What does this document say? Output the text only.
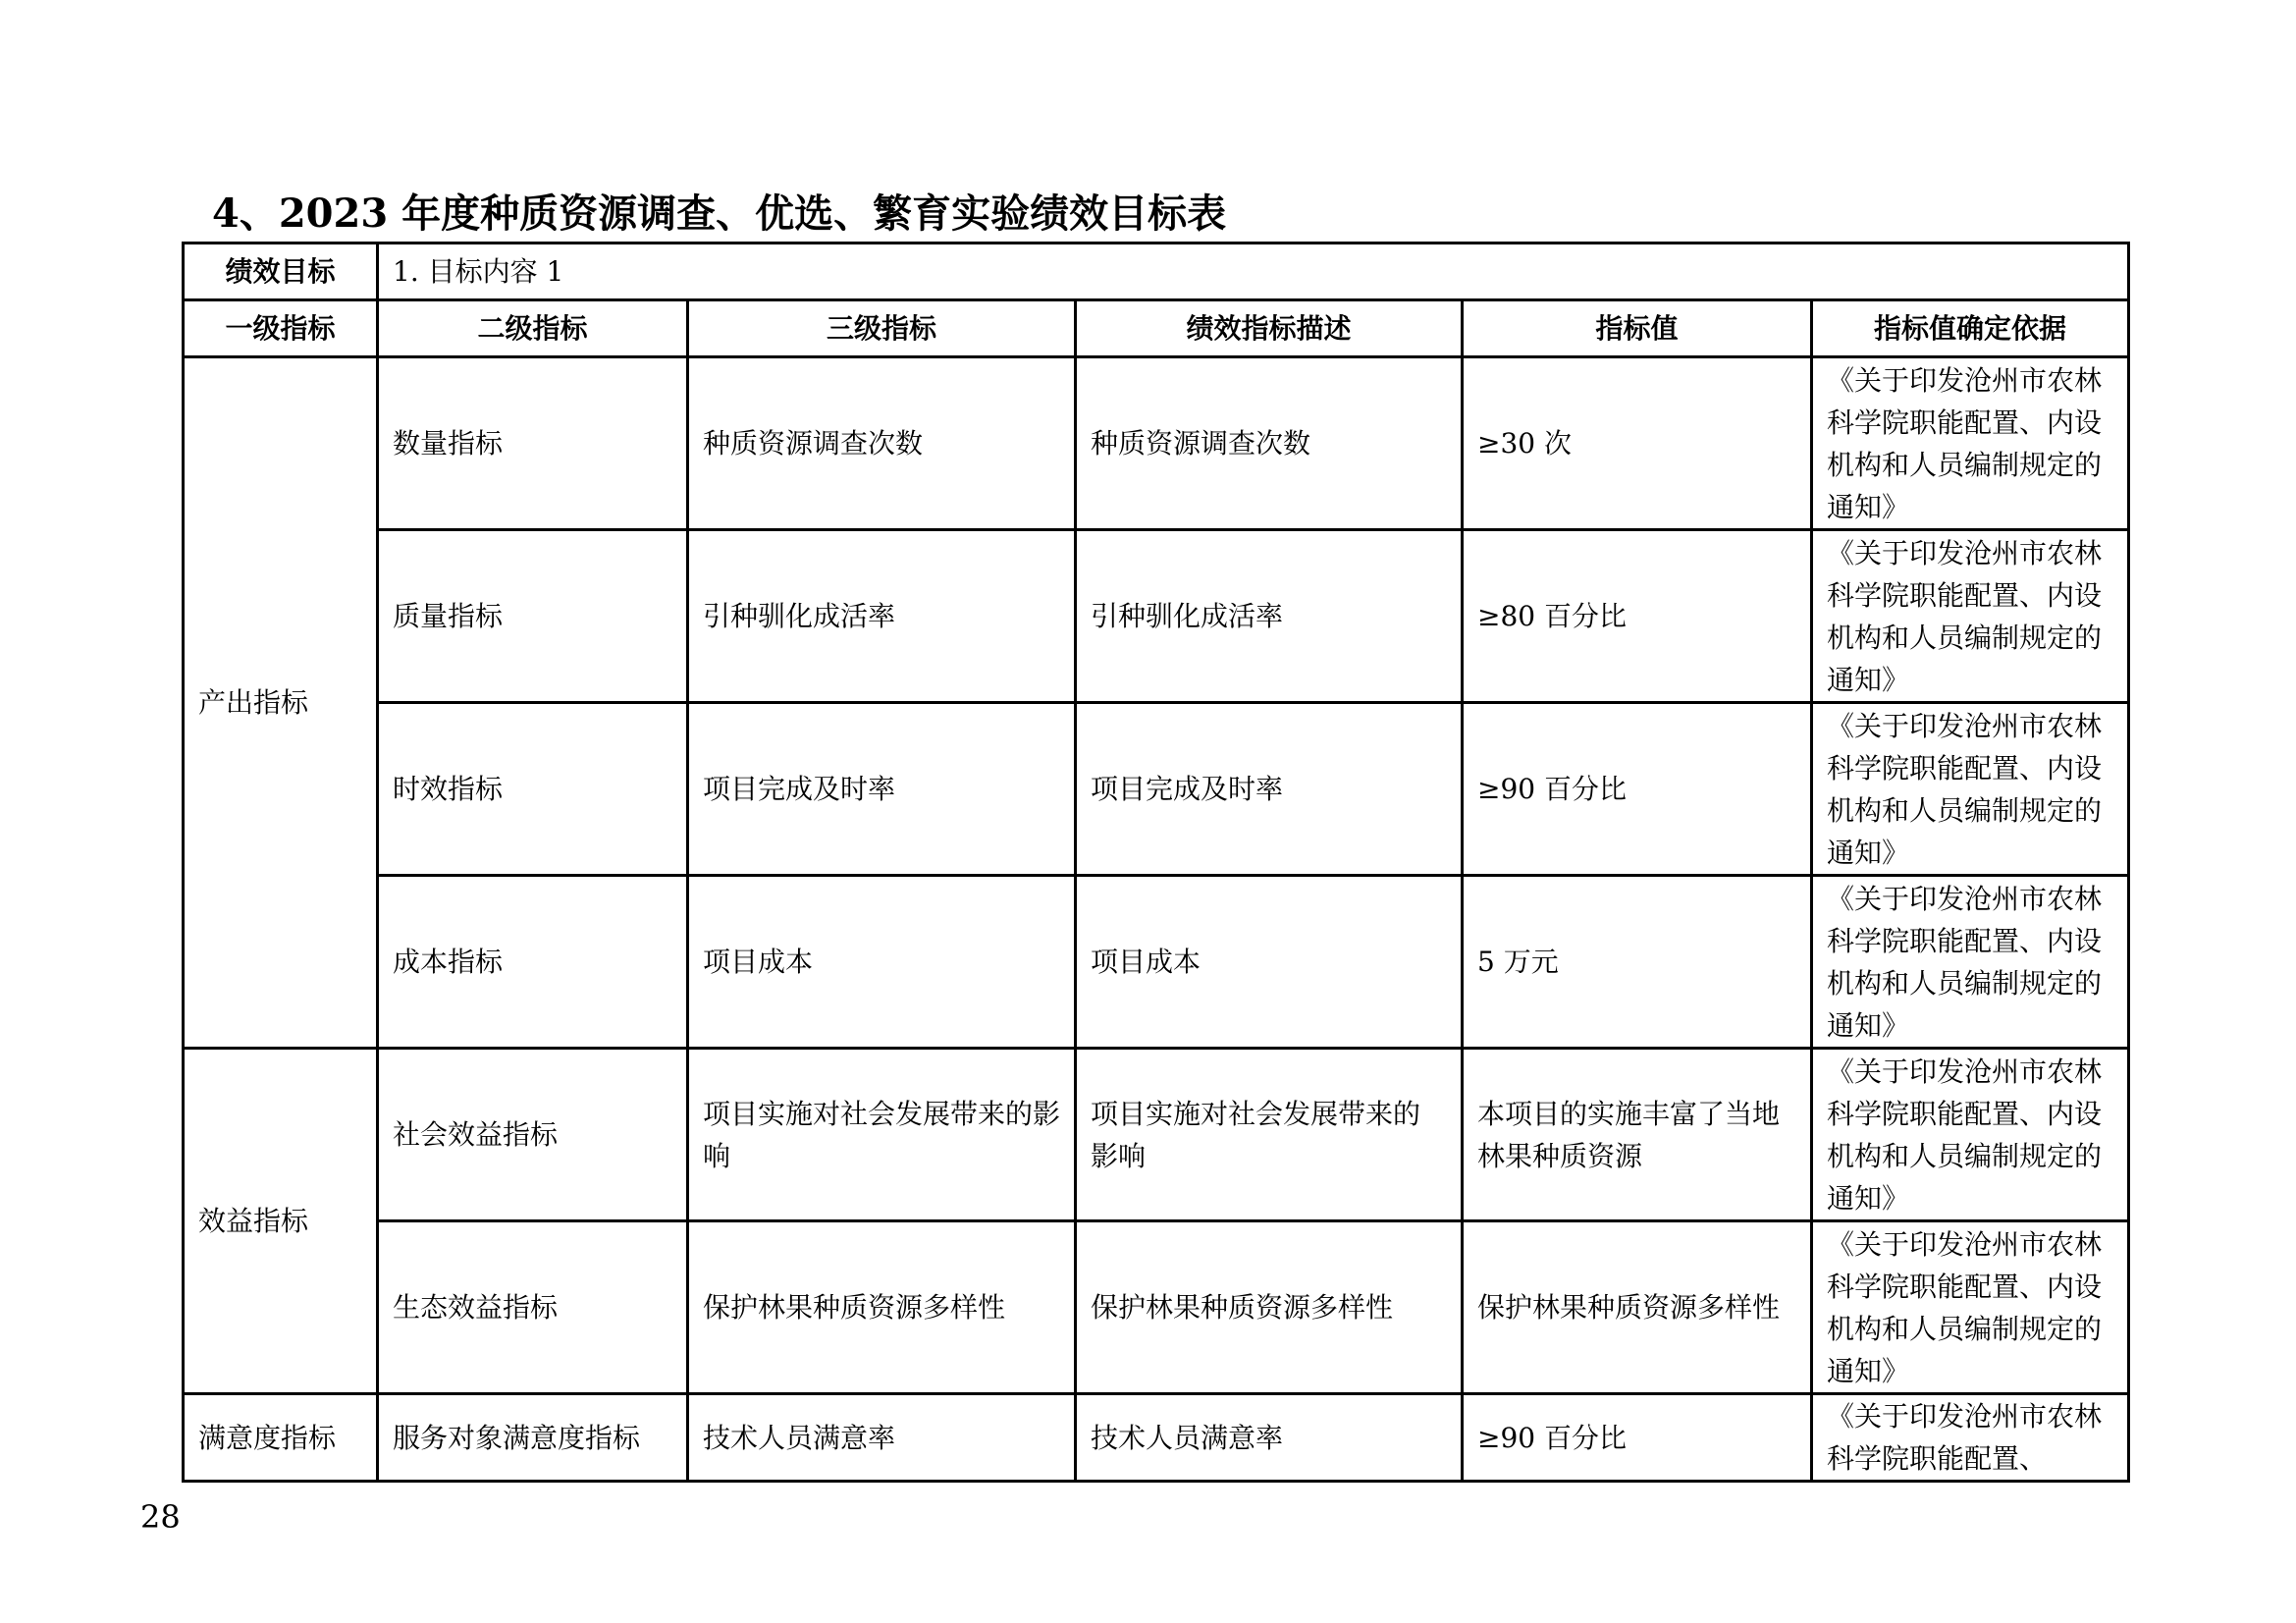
4、2023 年度种质资源调查、优选、繁育实验绩效目标表
绩效目标	1. 目标内容 1				
一级指标	二级指标	三级指标	绩效指标描述	指标值	指标值确定依据
产出指标	数量指标	种质资源调查次数	种质资源调查次数	≥30 次	《关于印发沧州市农林科学院职能配置、内设机构和人员编制规定的通知》
	质量指标	引种驯化成活率	引种驯化成活率	≥80 百分比	《关于印发沧州市农林科学院职能配置、内设机构和人员编制规定的通知》
	时效指标	项目完成及时率	项目完成及时率	≥90 百分比	《关于印发沧州市农林科学院职能配置、内设机构和人员编制规定的通知》
	成本指标	项目成本	项目成本	5 万元	《关于印发沧州市农林科学院职能配置、内设机构和人员编制规定的通知》
效益指标	社会效益指标	项目实施对社会发展带来的影响	项目实施对社会发展带来的影响	本项目的实施丰富了当地林果种质资源	《关于印发沧州市农林科学院职能配置、内设机构和人员编制规定的通知》
	生态效益指标	保护林果种质资源多样性	保护林果种质资源多样性	保护林果种质资源多样性	《关于印发沧州市农林科学院职能配置、内设机构和人员编制规定的通知》
满意度指标	服务对象满意度指标	技术人员满意率	技术人员满意率	≥90 百分比	《关于印发沧州市农林科学院职能配置、
28
